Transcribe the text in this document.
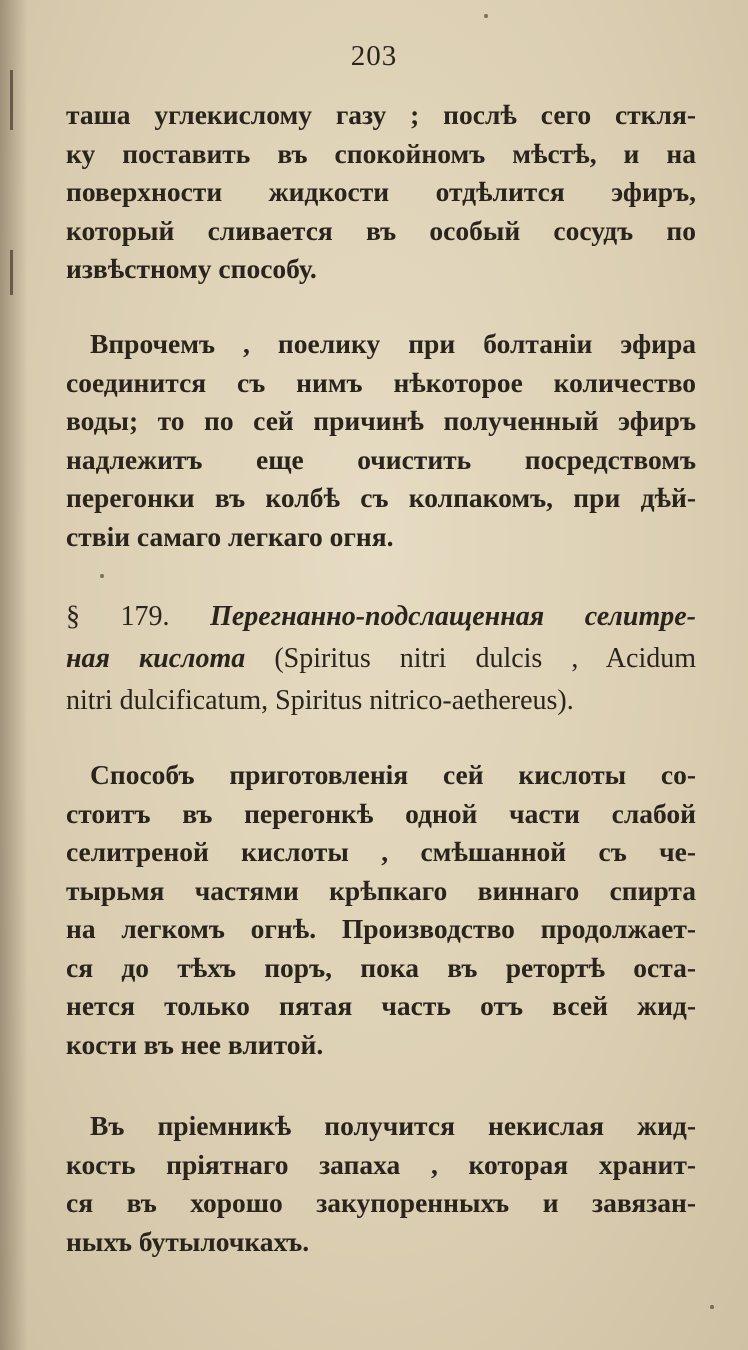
203
таша углекислому газу ; послѣ сего сткля-
ку поставить въ спокойномъ мѣстѣ, и на
поверхности жидкости отдѣлится эфиръ,
который сливается въ особый сосудъ по
извѣстному способу.
Впрочемъ , поелику при болтаніи эфира
соединится съ нимъ нѣкоторое количество
воды; то по сей причинѣ полученный эфиръ
надлежитъ еще очистить посредствомъ
перегонки въ колбѣ съ колпакомъ, при дѣй-
ствіи самаго легкаго огня.
§ 179. Перегнанно-подслащенная селитре-
ная кислота (Spiritus nitri dulcis , Acidum
nitri dulcificatum, Spiritus nitrico-aethereus).
Способъ приготовленія сей кислоты со-
стоитъ въ перегонкѣ одной части слабой
селитреной кислоты , смѣшанной съ че-
тырьмя частями крѣпкаго виннаго спирта
на легкомъ огнѣ. Производство продолжает-
ся до тѣхъ поръ, пока въ ретортѣ оста-
нется только пятая часть отъ всей жид-
кости въ нее влитой.
Въ пріемникѣ получится некислая жид-
кость пріятнаго запаха , которая хранит-
ся въ хорошо закупоренныхъ и завязан-
ныхъ бутылочкахъ.
